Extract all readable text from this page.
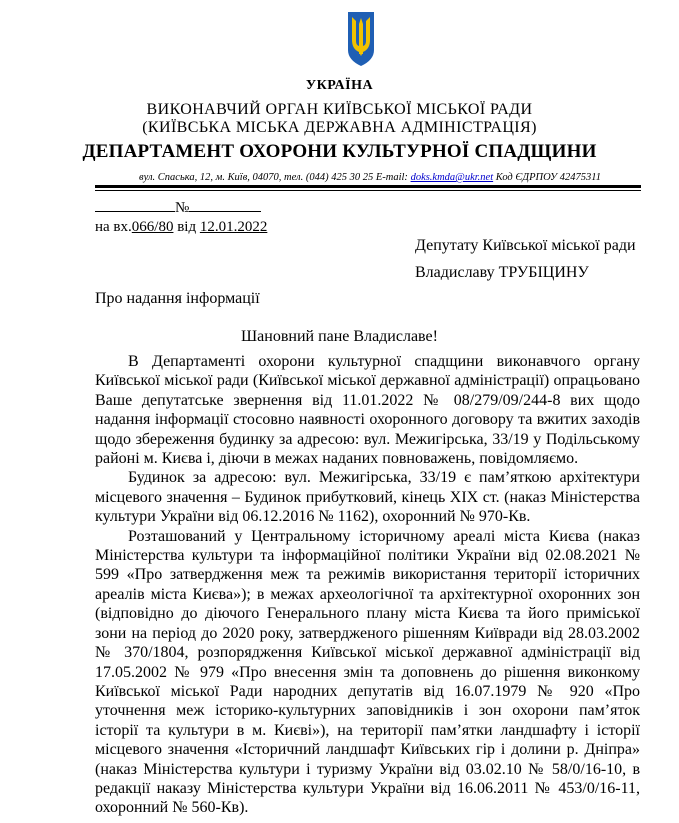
УКРАЇНА
ВИКОНАВЧИЙ ОРГАН КИЇВСЬКОЇ МІСЬКОЇ РАДИ
(КИЇВСЬКА МІСЬКА ДЕРЖАВНА АДМІНІСТРАЦІЯ)
ДЕПАРТАМЕНТ ОХОРОНИ КУЛЬТУРНОЇ СПАДЩИНИ
вул. Спаська, 12, м. Київ, 04070, тел. (044) 425 30 25 E-mail: doks.kmda@ukr.net Код ЄДРПОУ 42475311
№
на вх.066/80 від 12.01.2022
Депутату Київської міської ради
Владиславу ТРУБІЦИНУ
Про надання інформації
Шановний пане Владиславе!

В Департаменті охорони культурної спадщини виконавчого органу Київської міської ради (Київської міської державної адміністрації) опрацьовано Ваше депутатське звернення від 11.01.2022 № 08/279/09/244-8 вих щодо надання інформації стосовно наявності охоронного договору та вжитих заходів щодо збереження будинку за адресою: вул. Межигірська, 33/19 у Подільському районі м. Києва і, діючи в межах наданих повноважень, повідомляємо.

Будинок за адресою: вул. Межигірська, 33/19 є пам’яткою архітектури місцевого значення – Будинок прибутковий, кінець ХІХ ст. (наказ Міністерства культури України від 06.12.2016 № 1162), охоронний № 970-Кв.

Розташований у Центральному історичному ареалі міста Києва (наказ Міністерства культури та інформаційної політики України від 02.08.2021 № 599 «Про затвердження меж та режимів використання території історичних ареалів міста Києва»); в межах археологічної та архітектурної охоронних зон (відповідно до діючого Генерального плану міста Києва та його приміської зони на період до 2020 року, затвердженого рішенням Київради від 28.03.2002 № 370/1804, розпорядження Київської міської державної адміністрації від 17.05.2002 № 979 «Про внесення змін та доповнень до рішення виконкому Київської міської Ради народних депутатів від 16.07.1979 № 920 «Про уточнення меж історико-культурних заповідників і зон охорони пам’яток історії та культури в м. Києві»), на території пам’ятки ландшафту і історії місцевого значення «Історичний ландшафт Київських гір і долини р. Дніпра» (наказ Міністерства культури і туризму України від 03.02.10 № 58/0/16-10, в редакції наказу Міністерства культури України від 16.06.2011 № 453/0/16-11, охоронний № 560-Кв).
